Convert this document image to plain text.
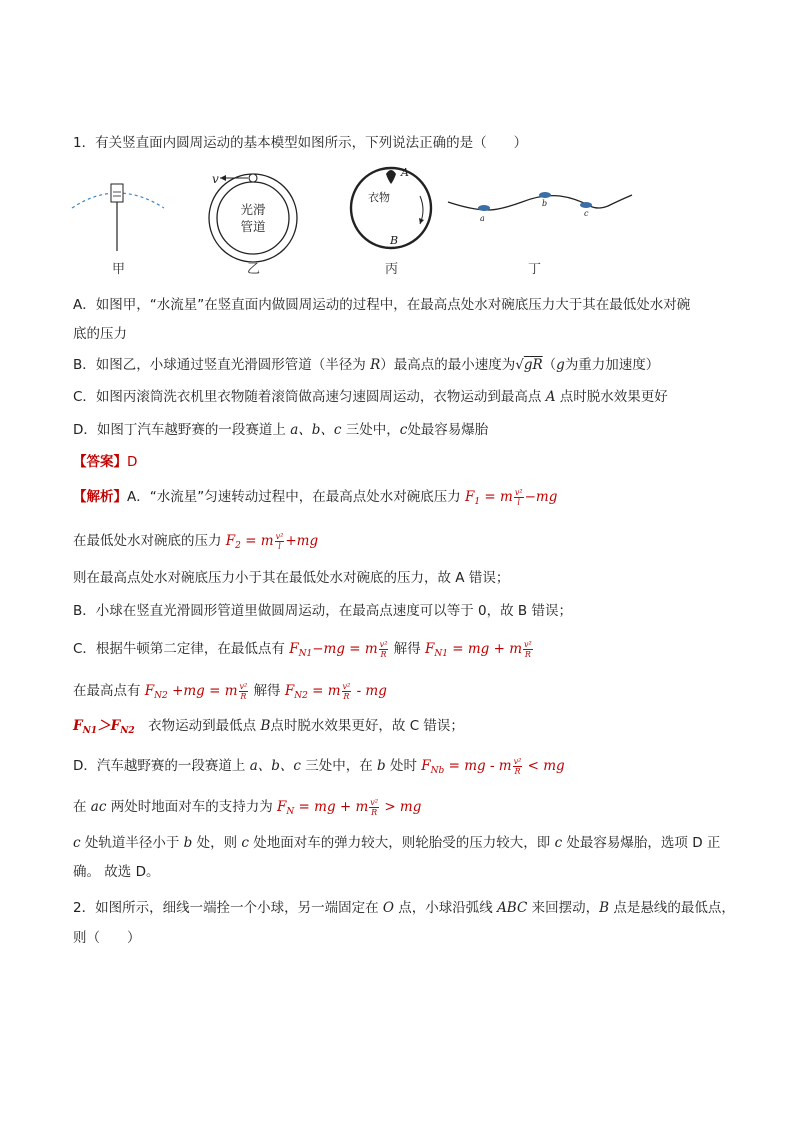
1．有关竖直面内圆周运动的基本模型如图所示，下列说法正确的是（　　）
v
光滑
管道
A
衣物
B
a
b
c
甲	乙	丙	丁
A．如图甲，“水流星”在竖直面内做圆周运动的过程中，在最高点处水对碗底压力大于其在最低处水对碗
底的压力
B．如图乙，小球通过竖直光滑圆形管道（半径为 R）最高点的最小速度为√gR（g为重力加速度）
C．如图丙滚筒洗衣机里衣物随着滚筒做高速匀速圆周运动，衣物运动到最高点 A 点时脱水效果更好
D．如图丁汽车越野赛的一段赛道上 a、b、c 三处中，c处最容易爆胎
【答案】D
【解析】A．“水流星”匀速转动过程中，在最高点处水对碗底压力 $F_1 = m \frac{\text{v²}}{l} -mg$
在最低处水对碗底的压力 $F_2 = m \frac{\text{v²}}{l} +mg$
则在最高点处水对碗底压力小于其在最低处水对碗底的压力，故 A 错误；
B．小球在竖直光滑圆形管道里做圆周运动，在最高点速度可以等于 0，故 B 错误；
C．根据牛顿第二定律，在最低点有 $F_{N1}-mg = m \frac{\text{v²}}{R}$ 解得 $F_{N1}$ = mg + m $\frac{\text{v²}}{R}$
在最高点有 $F_{N2} +mg = m \frac{\text{v²}}{R}$ 解得 $F_{N2} = m \frac{\text{v²}}{R}$ - mg
$F_{N1}>F_{N2}$　衣物运动到最低点 B点时脱水效果更好，故 C 错误；
D．汽车越野赛的一段赛道上 a、b、c 三处中，在 b 处时 $F_{Nb}$ = mg - m $\frac{\text{v²}}{R}$ < mg
在 ac 两处时地面对车的支持力为 $F_N$ = mg + m $\frac{\text{v²}}{R}$ > mg
c 处轨道半径小于 b 处，则 c 处地面对车的弹力较大，则轮胎受的压力较大，即 c 处最容易爆胎，选项 D 正
确。 故选 D。
2．如图所示，细线一端拴一个小球，另一端固定在 O 点，小球沿弧线 ABC 来回摆动，B 点是悬线的最低点，
则（　　）
